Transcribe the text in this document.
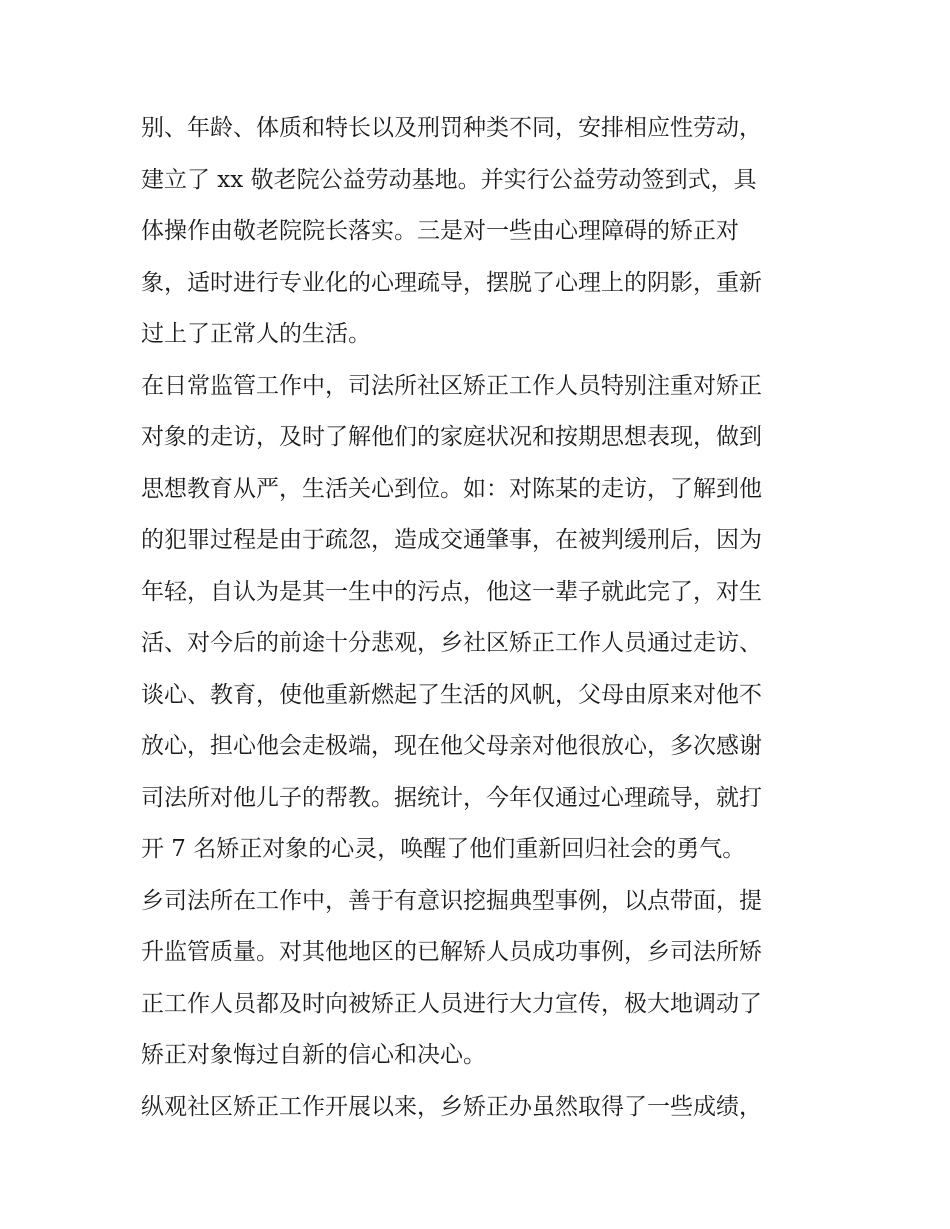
别、年龄、体质和特长以及刑罚种类不同，安排相应性劳动，
建立了 xx 敬老院公益劳动基地。并实行公益劳动签到式，具
体操作由敬老院院长落实。三是对一些由心理障碍的矫正对
象，适时进行专业化的心理疏导，摆脱了心理上的阴影，重新
过上了正常人的生活。
在日常监管工作中，司法所社区矫正工作人员特别注重对矫正
对象的走访，及时了解他们的家庭状况和按期思想表现，做到
思想教育从严，生活关心到位。如：对陈某的走访，了解到他
的犯罪过程是由于疏忽，造成交通肇事，在被判缓刑后，因为
年轻，自认为是其一生中的污点，他这一辈子就此完了，对生
活、对今后的前途十分悲观，乡社区矫正工作人员通过走访、
谈心、教育，使他重新燃起了生活的风帆，父母由原来对他不
放心，担心他会走极端，现在他父母亲对他很放心，多次感谢
司法所对他儿子的帮教。据统计，今年仅通过心理疏导，就打
开 7 名矫正对象的心灵，唤醒了他们重新回归社会的勇气。
乡司法所在工作中，善于有意识挖掘典型事例，以点带面，提
升监管质量。对其他地区的已解矫人员成功事例，乡司法所矫
正工作人员都及时向被矫正人员进行大力宣传，极大地调动了
矫正对象悔过自新的信心和决心。
纵观社区矫正工作开展以来，乡矫正办虽然取得了一些成绩，
